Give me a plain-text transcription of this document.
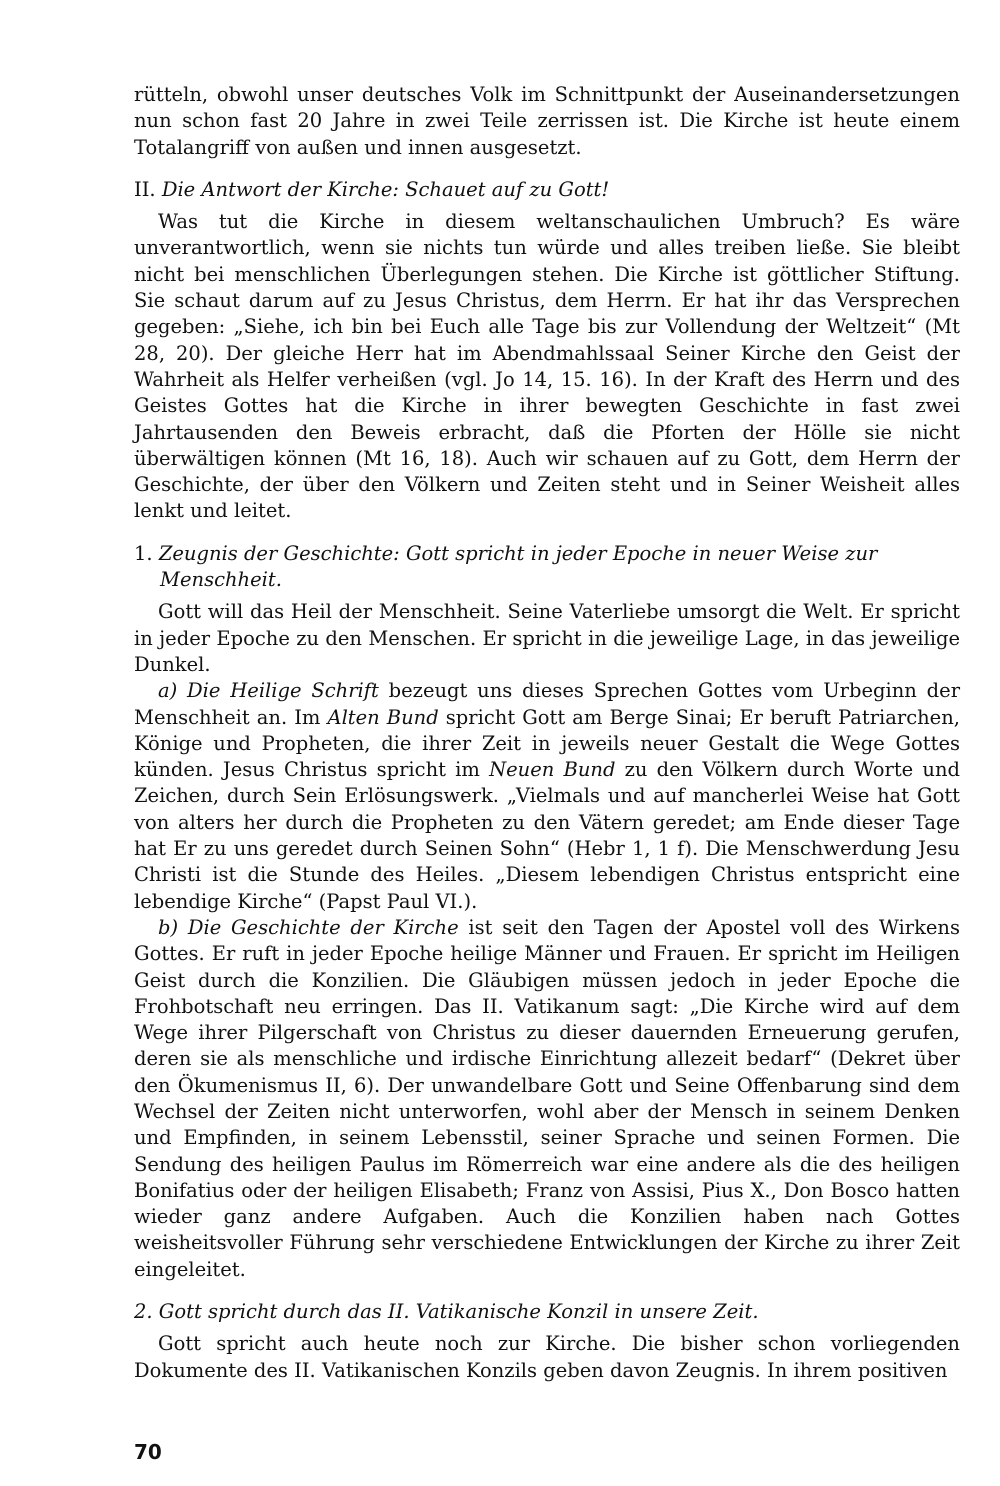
rütteln, obwohl unser deutsches Volk im Schnittpunkt der Auseinandersetzungen nun schon fast 20 Jahre in zwei Teile zerrissen ist. Die Kirche ist heute einem Totalangriff von außen und innen ausgesetzt.

II. Die Antwort der Kirche: Schauet auf zu Gott!

Was tut die Kirche in diesem weltanschaulichen Umbruch? Es wäre unverantwortlich, wenn sie nichts tun würde und alles treiben ließe. Sie bleibt nicht bei menschlichen Überlegungen stehen. Die Kirche ist göttlicher Stiftung. Sie schaut darum auf zu Jesus Christus, dem Herrn. Er hat ihr das Versprechen gegeben: „Siehe, ich bin bei Euch alle Tage bis zur Vollendung der Weltzeit“ (Mt 28, 20). Der gleiche Herr hat im Abendmahlssaal Seiner Kirche den Geist der Wahrheit als Helfer verheißen (vgl. Jo 14, 15. 16). In der Kraft des Herrn und des Geistes Gottes hat die Kirche in ihrer bewegten Geschichte in fast zwei Jahrtausenden den Beweis erbracht, daß die Pforten der Hölle sie nicht überwältigen können (Mt 16, 18). Auch wir schauen auf zu Gott, dem Herrn der Geschichte, der über den Völkern und Zeiten steht und in Seiner Weisheit alles lenkt und leitet.

1. Zeugnis der Geschichte: Gott spricht in jeder Epoche in neuer Weise zur Menschheit.

Gott will das Heil der Menschheit. Seine Vaterliebe umsorgt die Welt. Er spricht in jeder Epoche zu den Menschen. Er spricht in die jeweilige Lage, in das jeweilige Dunkel.

a) Die Heilige Schrift bezeugt uns dieses Sprechen Gottes vom Urbeginn der Menschheit an. Im Alten Bund spricht Gott am Berge Sinai; Er beruft Patriarchen, Könige und Propheten, die ihrer Zeit in jeweils neuer Gestalt die Wege Gottes künden. Jesus Christus spricht im Neuen Bund zu den Völkern durch Worte und Zeichen, durch Sein Erlösungswerk. „Vielmals und auf mancherlei Weise hat Gott von alters her durch die Propheten zu den Vätern geredet; am Ende dieser Tage hat Er zu uns geredet durch Seinen Sohn“ (Hebr 1, 1 f). Die Menschwerdung Jesu Christi ist die Stunde des Heiles. „Diesem lebendigen Christus entspricht eine lebendige Kirche“ (Papst Paul VI.).

b) Die Geschichte der Kirche ist seit den Tagen der Apostel voll des Wirkens Gottes. Er ruft in jeder Epoche heilige Männer und Frauen. Er spricht im Heiligen Geist durch die Konzilien. Die Gläubigen müssen jedoch in jeder Epoche die Frohbotschaft neu erringen. Das II. Vatikanum sagt: „Die Kirche wird auf dem Wege ihrer Pilgerschaft von Christus zu dieser dauernden Erneuerung gerufen, deren sie als menschliche und irdische Einrichtung allezeit bedarf“ (Dekret über den Ökumenismus II, 6). Der unwandelbare Gott und Seine Offenbarung sind dem Wechsel der Zeiten nicht unterworfen, wohl aber der Mensch in seinem Denken und Empfinden, in seinem Lebensstil, seiner Sprache und seinen Formen. Die Sendung des heiligen Paulus im Römerreich war eine andere als die des heiligen Bonifatius oder der heiligen Elisabeth; Franz von Assisi, Pius X., Don Bosco hatten wieder ganz andere Aufgaben. Auch die Konzilien haben nach Gottes weisheitsvoller Führung sehr verschiedene Entwicklungen der Kirche zu ihrer Zeit eingeleitet.

2. Gott spricht durch das II. Vatikanische Konzil in unsere Zeit.

Gott spricht auch heute noch zur Kirche. Die bisher schon vorliegenden Dokumente des II. Vatikanischen Konzils geben davon Zeugnis. In ihrem positiven

70
